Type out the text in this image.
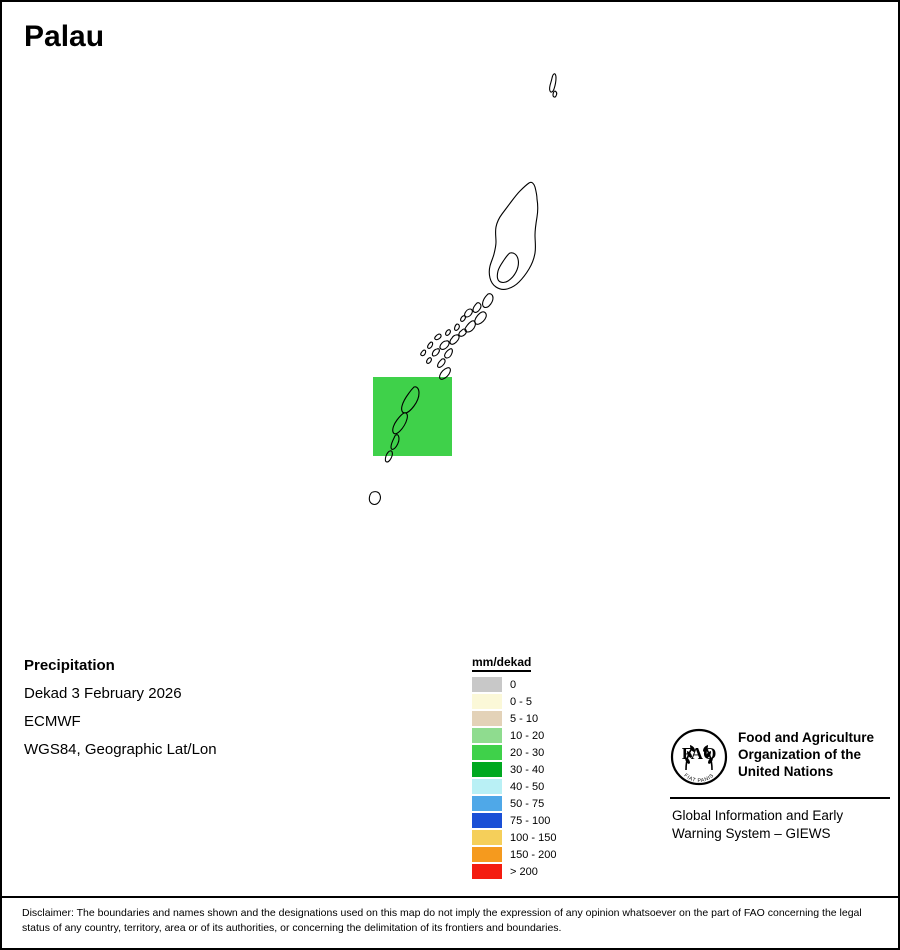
Palau
Precipitation
Dekad 3 February 2026
ECMWF
WGS84, Geographic Lat/Lon
mm/dekad
0
0 - 5
5 - 10
10 - 20
20 - 30
30 - 40
40 - 50
50 - 75
75 - 100
100 - 150
150 - 200
> 200
FAO
FIAT PANIS
Food and Agriculture
Organization of the
United Nations
Global Information and Early
Warning System – GIEWS
Disclaimer: The boundaries and names shown and the designations used on this map do not imply the expression of any opinion whatsoever on the part of FAO concerning the legal status of any country, territory, area or of its authorities, or concerning the delimitation of its frontiers and boundaries.
